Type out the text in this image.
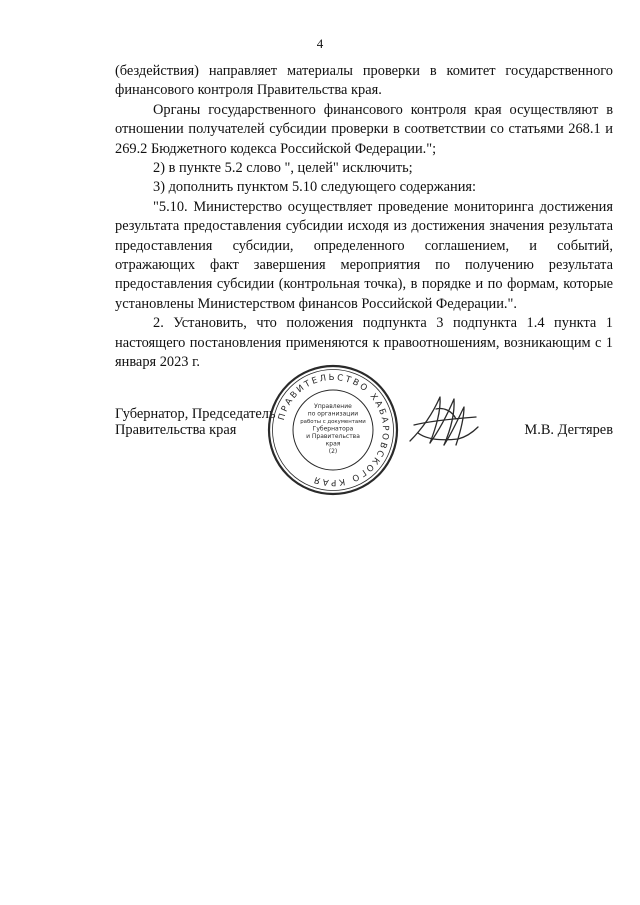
4

(бездействия) направляет материалы проверки в комитет государственного финансового контроля Правительства края.

Органы государственного финансового контроля края осуществляют в отношении получателей субсидии проверки в соответствии со статьями 268.1 и 269.2 Бюджетного кодекса Российской Федерации.";

2) в пункте 5.2 слово ", целей" исключить;

3) дополнить пунктом 5.10 следующего содержания:

"5.10. Министерство осуществляет проведение мониторинга достижения результата предоставления субсидии исходя из достижения значения результата предоставления субсидии, определенного соглашением, и событий, отражающих факт завершения мероприятия по получению результата предоставления субсидии (контрольная точка), в порядке и по формам, которые установлены Министерством финансов Российской Федерации.".

2. Установить, что положения подпункта 3 подпункта 1.4 пункта 1 настоящего постановления применяются к правоотношениям, возникающим с 1 января 2023 г.

Губернатор, Председатель
Правительства края
ПРАВИТЕЛЬСТВО ХАБАРОВСКОГО КРАЯ
Управление
по организации
работы с документами
Губернатора
и Правительства
края
(2)
М.В. Дегтярев
